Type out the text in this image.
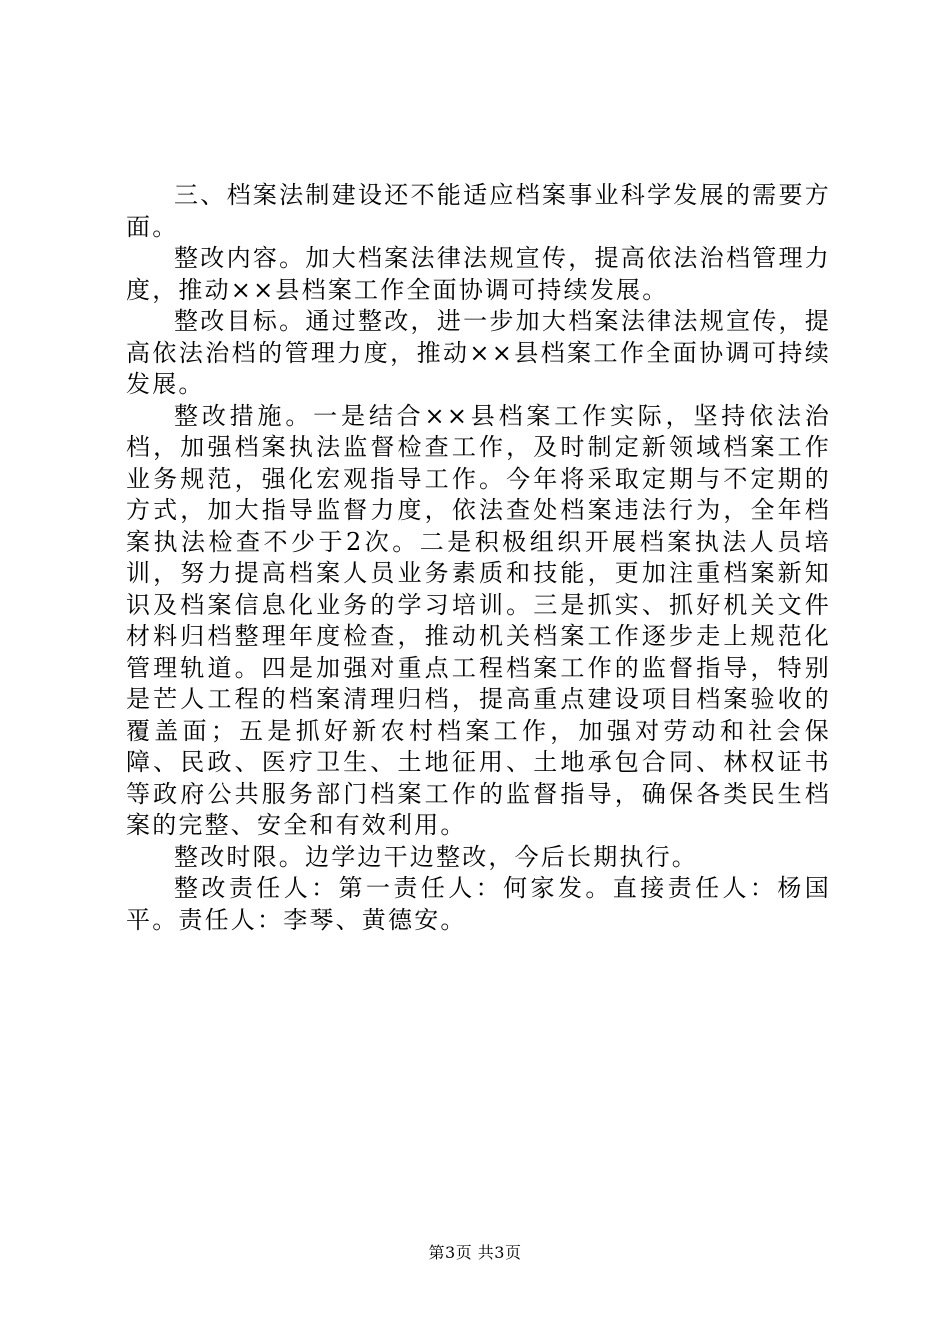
三、档案法制建设还不能适应档案事业科学发展的需要方面。

整改内容。加大档案法律法规宣传，提高依法治档管理力度，推动××县档案工作全面协调可持续发展。

整改目标。通过整改，进一步加大档案法律法规宣传，提高依法治档的管理力度，推动××县档案工作全面协调可持续发展。

整改措施。一是结合××县档案工作实际，坚持依法治档，加强档案执法监督检查工作，及时制定新领域档案工作业务规范，强化宏观指导工作。今年将采取定期与不定期的方式，加大指导监督力度，依法查处档案违法行为，全年档案执法检查不少于2次。二是积极组织开展档案执法人员培训，努力提高档案人员业务素质和技能，更加注重档案新知识及档案信息化业务的学习培训。三是抓实、抓好机关文件材料归档整理年度检查，推动机关档案工作逐步走上规范化管理轨道。四是加强对重点工程档案工作的监督指导，特别是芒人工程的档案清理归档，提高重点建设项目档案验收的覆盖面；五是抓好新农村档案工作，加强对劳动和社会保障、民政、医疗卫生、土地征用、土地承包合同、林权证书等政府公共服务部门档案工作的监督指导，确保各类民生档案的完整、安全和有效利用。

整改时限。边学边干边整改，今后长期执行。

整改责任人：第一责任人：何家发。直接责任人：杨国平。责任人：李琴、黄德安。

第3页 共3页
